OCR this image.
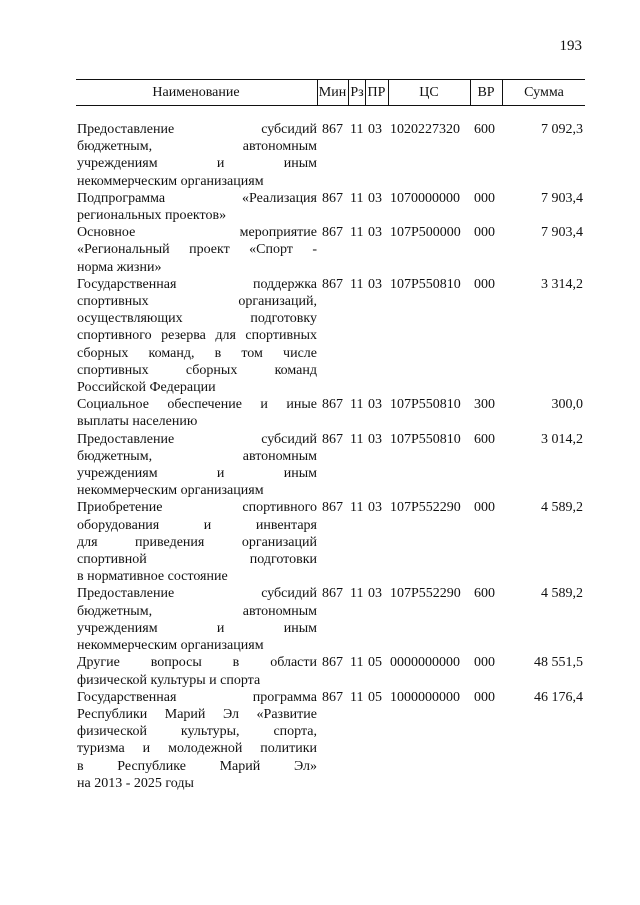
193
Наименование	Мин Рз ПР	ЦС	ВР	Сумма
Предоставление субсидий
бюджетным, автономным
учреждениям и иным
некоммерческим организациям
867 11 03 1020227320 600	7 092,3
Подпрограмма «Реализация
региональных проектов»
867 11 03 1070000000 000	7 903,4
Основное мероприятие
«Региональный проект «Спорт -
норма жизни»
867 11 03 107Р500000 000	7 903,4
Государственная поддержка
спортивных организаций,
осуществляющих подготовку
спортивного резерва для спортивных
сборных команд, в том числе
спортивных сборных команд
Российской Федерации
867 11 03 107Р550810 000	3 314,2
Социальное обеспечение и иные
выплаты населению
867 11 03 107Р550810 300	300,0
Предоставление субсидий
бюджетным, автономным
учреждениям и иным
некоммерческим организациям
867 11 03 107Р550810 600	3 014,2
Приобретение спортивного
оборудования и инвентаря
для приведения организаций
спортивной подготовки
в нормативное состояние
867 11 03 107Р552290 000	4 589,2
Предоставление субсидий
бюджетным, автономным
учреждениям и иным
некоммерческим организациям
867 11 03 107Р552290 600	4 589,2
Другие вопросы в области
физической культуры и спорта
867 11 05 0000000000 000	48 551,5
Государственная программа
Республики Марий Эл «Развитие
физической культуры, спорта,
туризма и молодежной политики
в Республике Марий Эл»
на 2013 - 2025 годы
867 11 05 1000000000 000	46 176,4
